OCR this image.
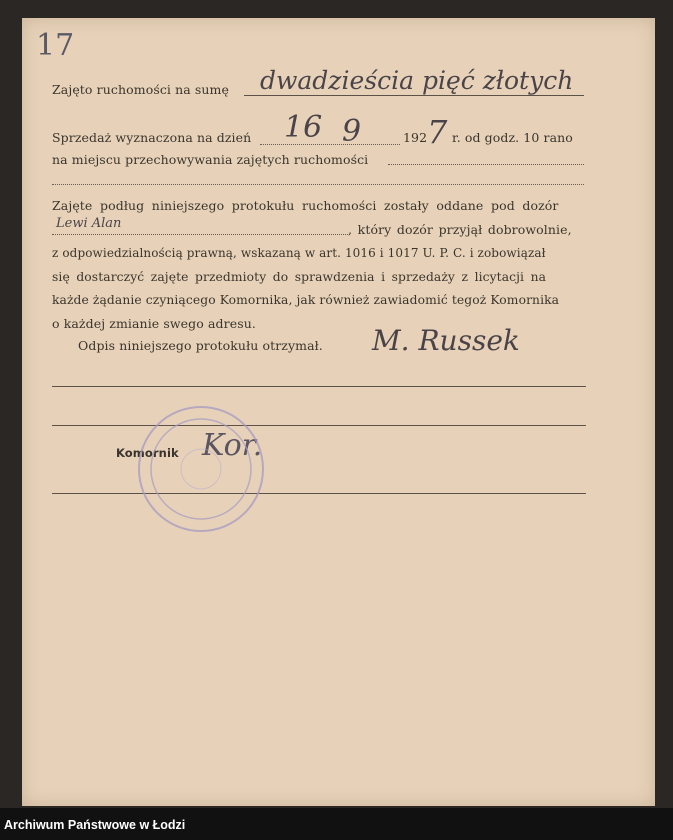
17
Zajęto ruchomości na sumę dwadzieścia pięć złotych
Sprzedaż wyznaczona na dzień 16 9	192 7 r. od godz. 10 rano
na miejscu przechowywania zajętych ruchomości
Zajęte podług niniejszego protokułu ruchomości zostały oddane pod dozór
Lewi Alan	, który dozór przyjął dobrowolnie,
z odpowiedzialnością prawną, wskazaną w art. 1016 i 1017 U. P. C. i zobowiązał
się dostarczyć zajęte przedmioty do sprawdzenia i sprzedaży z licytacji na
każde żądanie czyniącego Komornika, jak również zawiadomić tegoż Komornika
o każdej zmianie swego adresu.
Odpis niniejszego protokułu otrzymał. M. Russek
Komornik Kor.
Archiwum Państwowe w Łodzi
